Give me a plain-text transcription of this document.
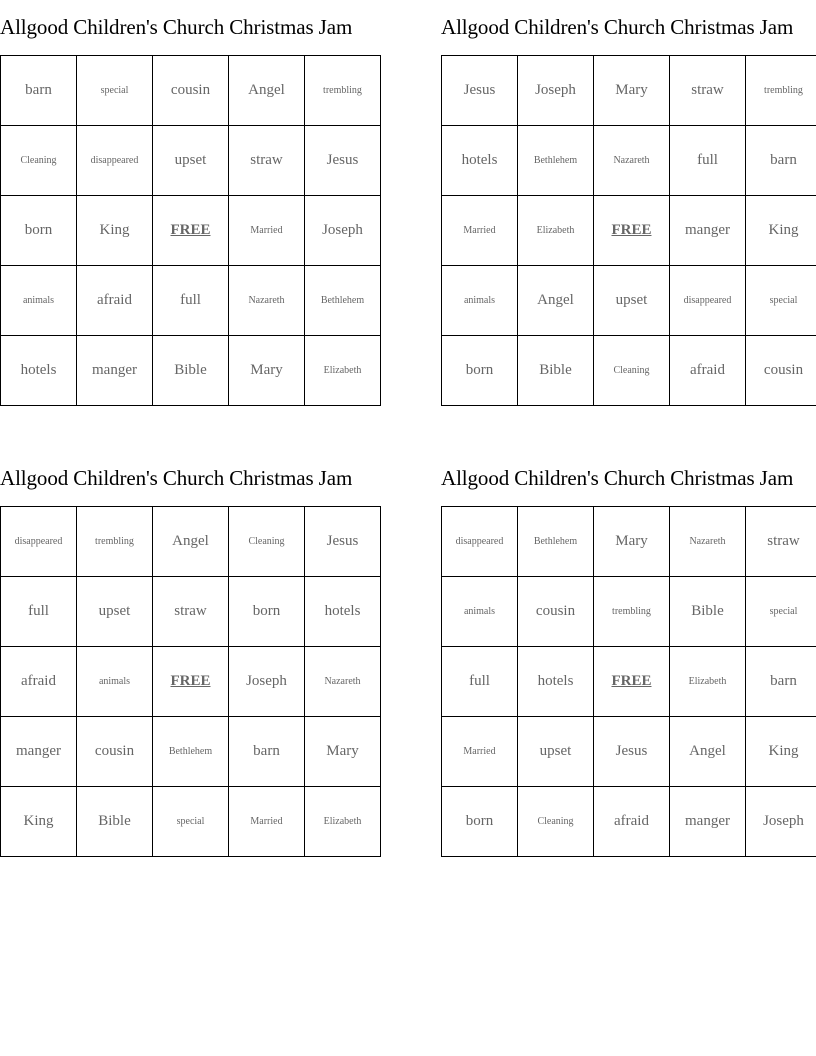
Allgood Children's Church Christmas Jam
barn	special	cousin	Angel	trembling
Cleaning	disappeared	upset	straw	Jesus
born	King	FREE	Married	Joseph
animals	afraid	full	Nazareth	Bethlehem
hotels	manger	Bible	Mary	Elizabeth
Allgood Children's Church Christmas Jam
Jesus	Joseph	Mary	straw	trembling
hotels	Bethlehem	Nazareth	full	barn
Married	Elizabeth	FREE	manger	King
animals	Angel	upset	disappeared	special
born	Bible	Cleaning	afraid	cousin
Allgood Children's Church Christmas Jam
disappeared	trembling	Angel	Cleaning	Jesus
full	upset	straw	born	hotels
afraid	animals	FREE	Joseph	Nazareth
manger	cousin	Bethlehem	barn	Mary
King	Bible	special	Married	Elizabeth
Allgood Children's Church Christmas Jam
disappeared	Bethlehem	Mary	Nazareth	straw
animals	cousin	trembling	Bible	special
full	hotels	FREE	Elizabeth	barn
Married	upset	Jesus	Angel	King
born	Cleaning	afraid	manger	Joseph
